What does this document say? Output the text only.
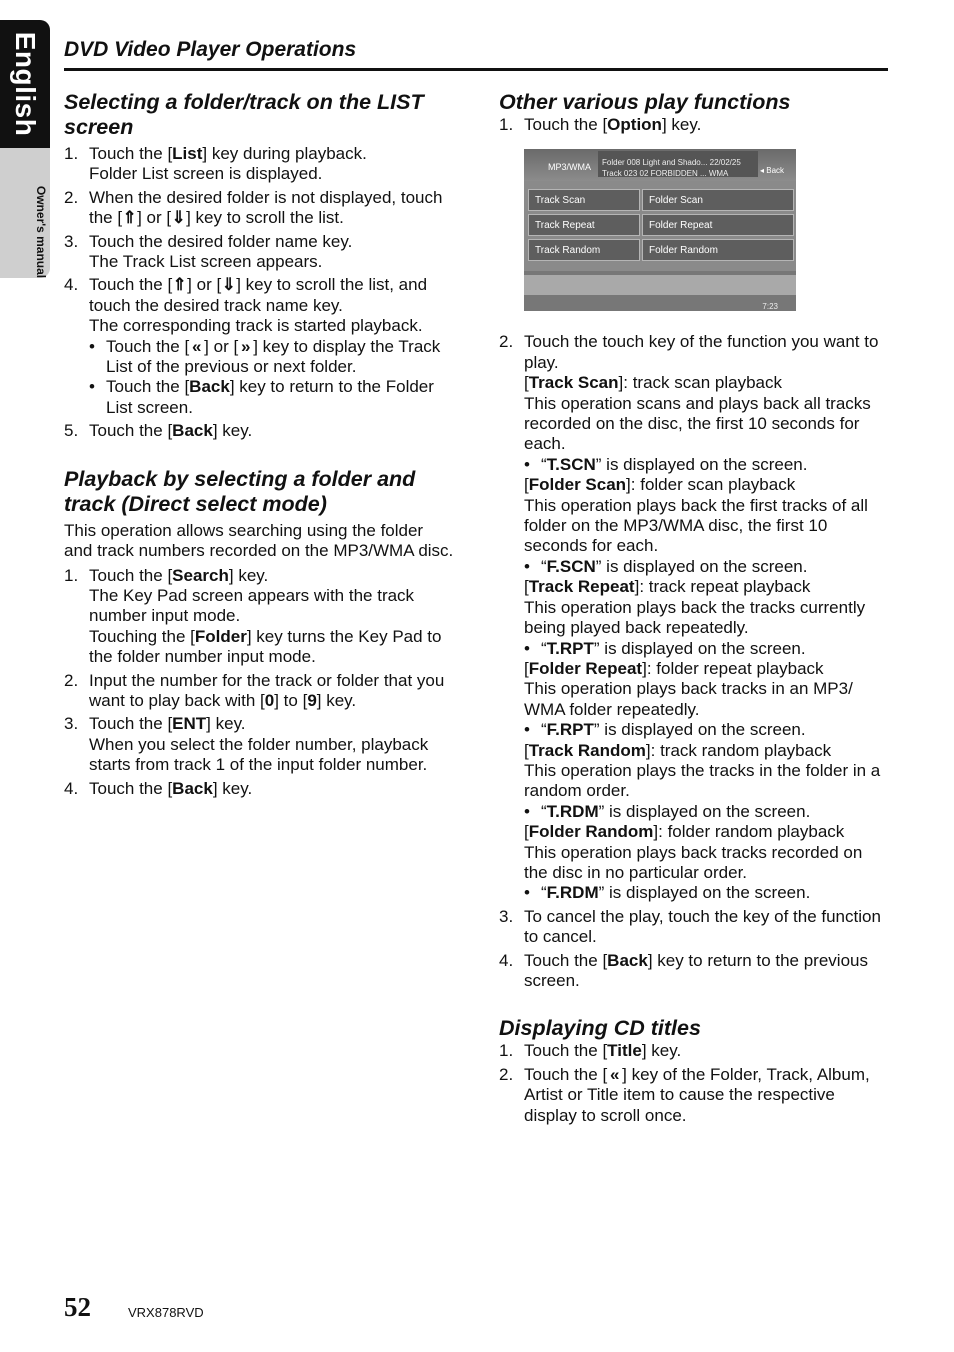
English
Owner's manual
DVD Video Player Operations
Selecting a folder/track on the LIST screen
1. Touch the [List] key during playback.

Folder List screen is displayed.

2. When the desired folder is not displayed, touch the [⇑] or [⇓] key to scroll the list.

3. Touch the desired folder name key.

The Track List screen appears.

4. Touch the [⇑] or [⇓] key to scroll the list, and touch the desired track name key.

The corresponding track is started playback.

• Touch the [ « ] or [ » ] key to display the Track List of the previous or next folder.
• Touch the [Back] key to return to the Folder List screen.
5. Touch the [Back] key.

Playback by selecting a folder and track (Direct select mode)

This operation allows searching using the folder and track numbers recorded on the MP3/WMA disc.

1. Touch the [Search] key.

The Key Pad screen appears with the track number input mode.

Touching the [Folder] key turns the Key Pad to the folder number input mode.

2. Input the number for the track or folder that you want to play back with [0] to [9] key.

3. Touch the [ENT] key.

When you select the folder number, playback starts from track 1 of the input folder number.

4. Touch the [Back] key.

Other various play functions
1. Touch the [Option] key.

MP3/WMA Folder 008 Light and Shado... 22/02/25
Track 023 02 FORBIDDEN ... WMA	◂ Back
Track Scan	Folder Scan
Track Repeat	Folder Repeat
Track Random	Folder Random
7:23
2. Touch the touch key of the function you want to play.

[Track Scan]: track scan playback

This operation scans and plays back all tracks recorded on the disc, the first 10 seconds for each.

• “T.SCN” is displayed on the screen.

[Folder Scan]: folder scan playback

This operation plays back the first tracks of all folder on the MP3/WMA disc, the first 10 seconds for each.

• “F.SCN” is displayed on the screen.

[Track Repeat]: track repeat playback

This operation plays back the tracks currently being played back repeatedly.

• “T.RPT” is displayed on the screen.

[Folder Repeat]: folder repeat playback

This operation plays back tracks in an MP3/ WMA folder repeatedly.

• “F.RPT” is displayed on the screen.

[Track Random]: track random playback

This operation plays the tracks in the folder in a random order.

• “T.RDM” is displayed on the screen.

[Folder Random]: folder random playback

This operation plays back tracks recorded on the disc in no particular order.

• “F.RDM” is displayed on the screen.
3. To cancel the play, touch the key of the function to cancel.

4. Touch the [Back] key to return to the previous screen.

Displaying CD titles
1. Touch the [Title] key.

2. Touch the [ « ] key of the Folder, Track, Album, Artist or Title item to cause the respective display to scroll once.

52	VRX878RVD
